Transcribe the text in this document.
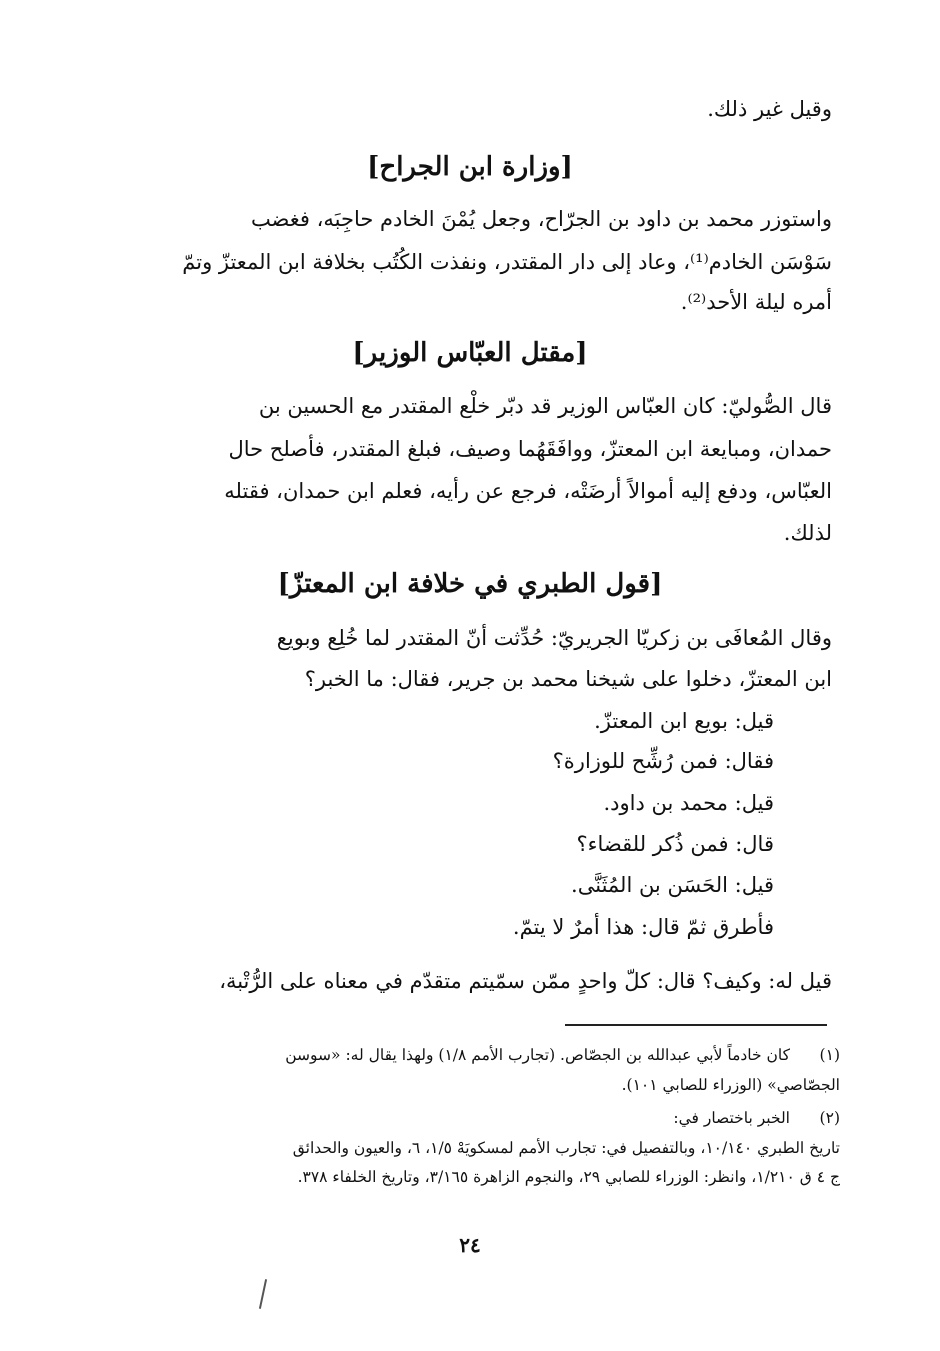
وقيل غير ذلك.
[وزارة ابن الجراح]
واستوزر محمد بن داود بن الجرّاح، وجعل يُمْنَ الخادم حاجِبَه، فغضب
سَوْسَن الخادم⁽¹⁾، وعاد إلى دار المقتدر، ونفذت الكُتُب بخلافة ابن المعتزّ وتمّ
أمره ليلة الأحد⁽²⁾.
[مقتل العبّاس الوزير]
قال الصُّوليّ: كان العبّاس الوزير قد دبّر خلْع المقتدر مع الحسين بن
حمدان، ومبايعة ابن المعتزّ، ووافَقَهُما وصيف، فبلغ المقتدر، فأصلح حال
العبّاس، ودفع إليه أموالاً أرضَتْه، فرجع عن رأيه، فعلم ابن حمدان، فقتله
لذلك.
[قول الطبري في خلافة ابن المعتزّ]
وقال المُعافَى بن زكريّا الجريريّ: حُدِّثت أنّ المقتدر لما خُلِع وبويع
ابن المعتزّ، دخلوا على شيخنا محمد بن جرير، فقال: ما الخبر؟
قيل: بويع ابن المعتزّ.
فقال: فمن رُشِّح للوزارة؟
قيل: محمد بن داود.
قال: فمن ذُكر للقضاء؟
قيل: الحَسَن بن المُثَنَّى.
فأطرق ثمّ قال: هذا أمرٌ لا يتمّ.
قيل له: وكيف؟ قال: كلّ واحدٍ ممّن سمّيتم متقدّم في معناه على الرُّتْبة،
(١)
كان خادماً لأبي عبدالله بن الجصّاص. (تجارب الأمم ١/٨) ولهذا يقال له: «سوسن
الجصّاصي» (الوزراء للصابي ١٠١).
(٢)
الخبر باختصار في:
تاريخ الطبري ١٠/١٤٠، وبالتفصيل في: تجارب الأمم لمسكويَهْ ١/٥، ٦، والعيون والحدائق
ج ٤ ق ١/٢١٠، وانظر: الوزراء للصابي ٢٩، والنجوم الزاهرة ٣/١٦٥، وتاريخ الخلفاء ٣٧٨.
٢٤
